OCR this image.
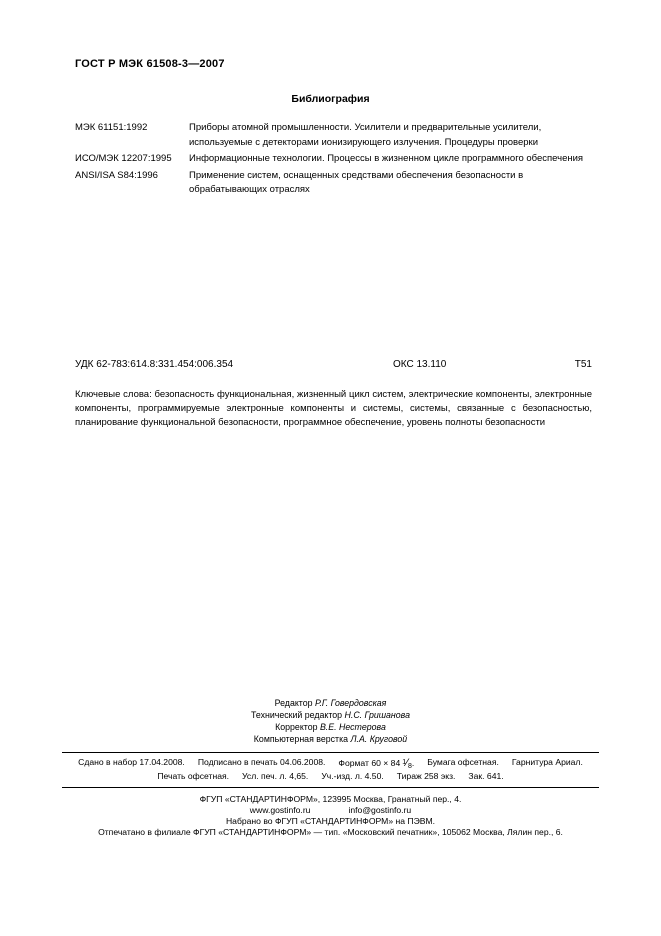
ГОСТ Р МЭК 61508-3—2007
Библиография
МЭК 61151:1992	Приборы атомной промышленности. Усилители и предварительные усилители, используемые с детекторами ионизирующего излучения. Процедуры проверки
ИСО/МЭК 12207:1995	Информационные технологии. Процессы в жизненном цикле программного обеспечения
ANSI/ISA S84:1996	Применение систем, оснащенных средствами обеспечения безопасности в обрабатывающих отраслях
УДК 62-783:614.8:331.454:006.354	ОКС 13.110	Т51
Ключевые слова: безопасность функциональная, жизненный цикл систем, электрические компоненты, электронные компоненты, программируемые электронные компоненты и системы, системы, связанные с безопасностью, планирование функциональной безопасности, программное обеспечение, уровень полноты безопасности
Редактор Р.Г. Говердовская
Технический редактор Н.С. Гришанова
Корректор В.Е. Нестерова
Компьютерная верстка Л.А. Круговой
Сдано в набор 17.04.2008. Подписано в печать 04.06.2008. Формат 60 × 84 $^1$⁄ $_8$. Бумага офсетная. Гарнитура Ариал.
Печать офсетная. Усл. печ. л. 4,65. Уч.-изд. л. 4.50. Тираж 258 экз. Зак. 641.
ФГУП «СТАНДАРТИНФОРМ», 123995 Москва, Гранатный пер., 4.
www.gostinfo.ru	info@gostinfo.ru
Набрано во ФГУП «СТАНДАРТИНФОРМ» на ПЭВМ.
Отпечатано в филиале ФГУП «СТАНДАРТИНФОРМ» — тип. «Московский печатник», 105062 Москва, Лялин пер., 6.
